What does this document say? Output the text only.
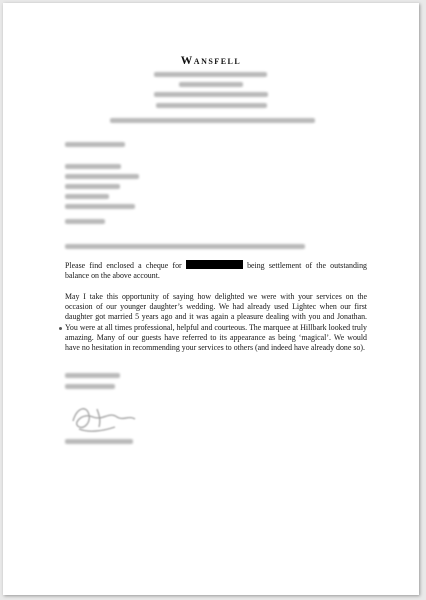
Wansfell
Please find enclosed a cheque for	being settlement of the outstanding balance on the above account.
May I take this opportunity of saying how delighted we were with your services on the occasion of our younger daughter’s wedding. We had already used Lightec when our first daughter got married 5 years ago and it was again a pleasure dealing with you and Jonathan. You were at all times professional, helpful and courteous. The marquee at Hillbark looked truly amazing. Many of our guests have referred to its appearance as being ‘magical’. We would have no hesitation in recommending your services to others (and indeed have already done so).
